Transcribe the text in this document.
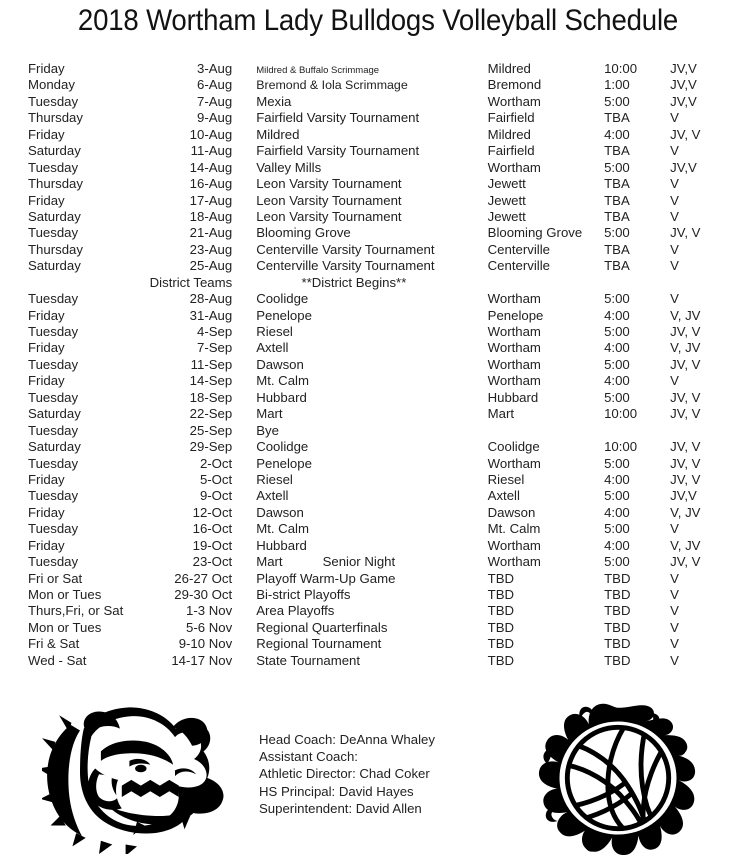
2018 Wortham Lady Bulldogs Volleyball Schedule
Friday	3-Aug	Mildred & Buffalo Scrimmage	Mildred	10:00	JV,V
Monday	6-Aug	Bremond & Iola Scrimmage	Bremond	1:00	JV,V
Tuesday	7-Aug	Mexia	Wortham	5:00	JV,V
Thursday	9-Aug	Fairfield Varsity Tournament	Fairfield	TBA	V
Friday	10-Aug	Mildred	Mildred	4:00	JV, V
Saturday	11-Aug	Fairfield Varsity Tournament	Fairfield	TBA	V
Tuesday	14-Aug	Valley Mills	Wortham	5:00	JV,V
Thursday	16-Aug	Leon Varsity Tournament	Jewett	TBA	V
Friday	17-Aug	Leon Varsity Tournament	Jewett	TBA	V
Saturday	18-Aug	Leon Varsity Tournament	Jewett	TBA	V
Tuesday	21-Aug	Blooming Grove	Blooming Grove	5:00	JV, V
Thursday	23-Aug	Centerville Varsity Tournament	Centerville	TBA	V
Saturday	25-Aug	Centerville Varsity Tournament	Centerville	TBA	V
	District Teams	**District Begins**			
Tuesday	28-Aug	Coolidge	Wortham	5:00	V
Friday	31-Aug	Penelope	Penelope	4:00	V, JV
Tuesday	4-Sep	Riesel	Wortham	5:00	JV, V
Friday	7-Sep	Axtell	Wortham	4:00	V, JV
Tuesday	11-Sep	Dawson	Wortham	5:00	JV, V
Friday	14-Sep	Mt. Calm	Wortham	4:00	V
Tuesday	18-Sep	Hubbard	Hubbard	5:00	JV, V
Saturday	22-Sep	Mart	Mart	10:00	JV, V
Tuesday	25-Sep	Bye			
Saturday	29-Sep	Coolidge	Coolidge	10:00	JV, V
Tuesday	2-Oct	Penelope	Wortham	5:00	JV, V
Friday	5-Oct	Riesel	Riesel	4:00	JV, V
Tuesday	9-Oct	Axtell	Axtell	5:00	JV,V
Friday	12-Oct	Dawson	Dawson	4:00	V, JV
Tuesday	16-Oct	Mt. Calm	Mt. Calm	5:00	V
Friday	19-Oct	Hubbard	Wortham	4:00	V, JV
Tuesday	23-Oct	Mart Senior Night	Wortham	5:00	JV, V
Fri or Sat	26-27 Oct	Playoff Warm-Up Game	TBD	TBD	V
Mon or Tues	29-30 Oct	Bi-strict Playoffs	TBD	TBD	V
Thurs,Fri, or Sat	1-3 Nov	Area Playoffs	TBD	TBD	V
Mon or Tues	5-6 Nov	Regional Quarterfinals	TBD	TBD	V
Fri & Sat	9-10 Nov	Regional Tournament	TBD	TBD	V
Wed - Sat	14-17 Nov	State Tournament	TBD	TBD	V
Head Coach: DeAnna Whaley
Assistant Coach:
Athletic Director: Chad Coker
HS Principal: David Hayes
Superintendent: David Allen
